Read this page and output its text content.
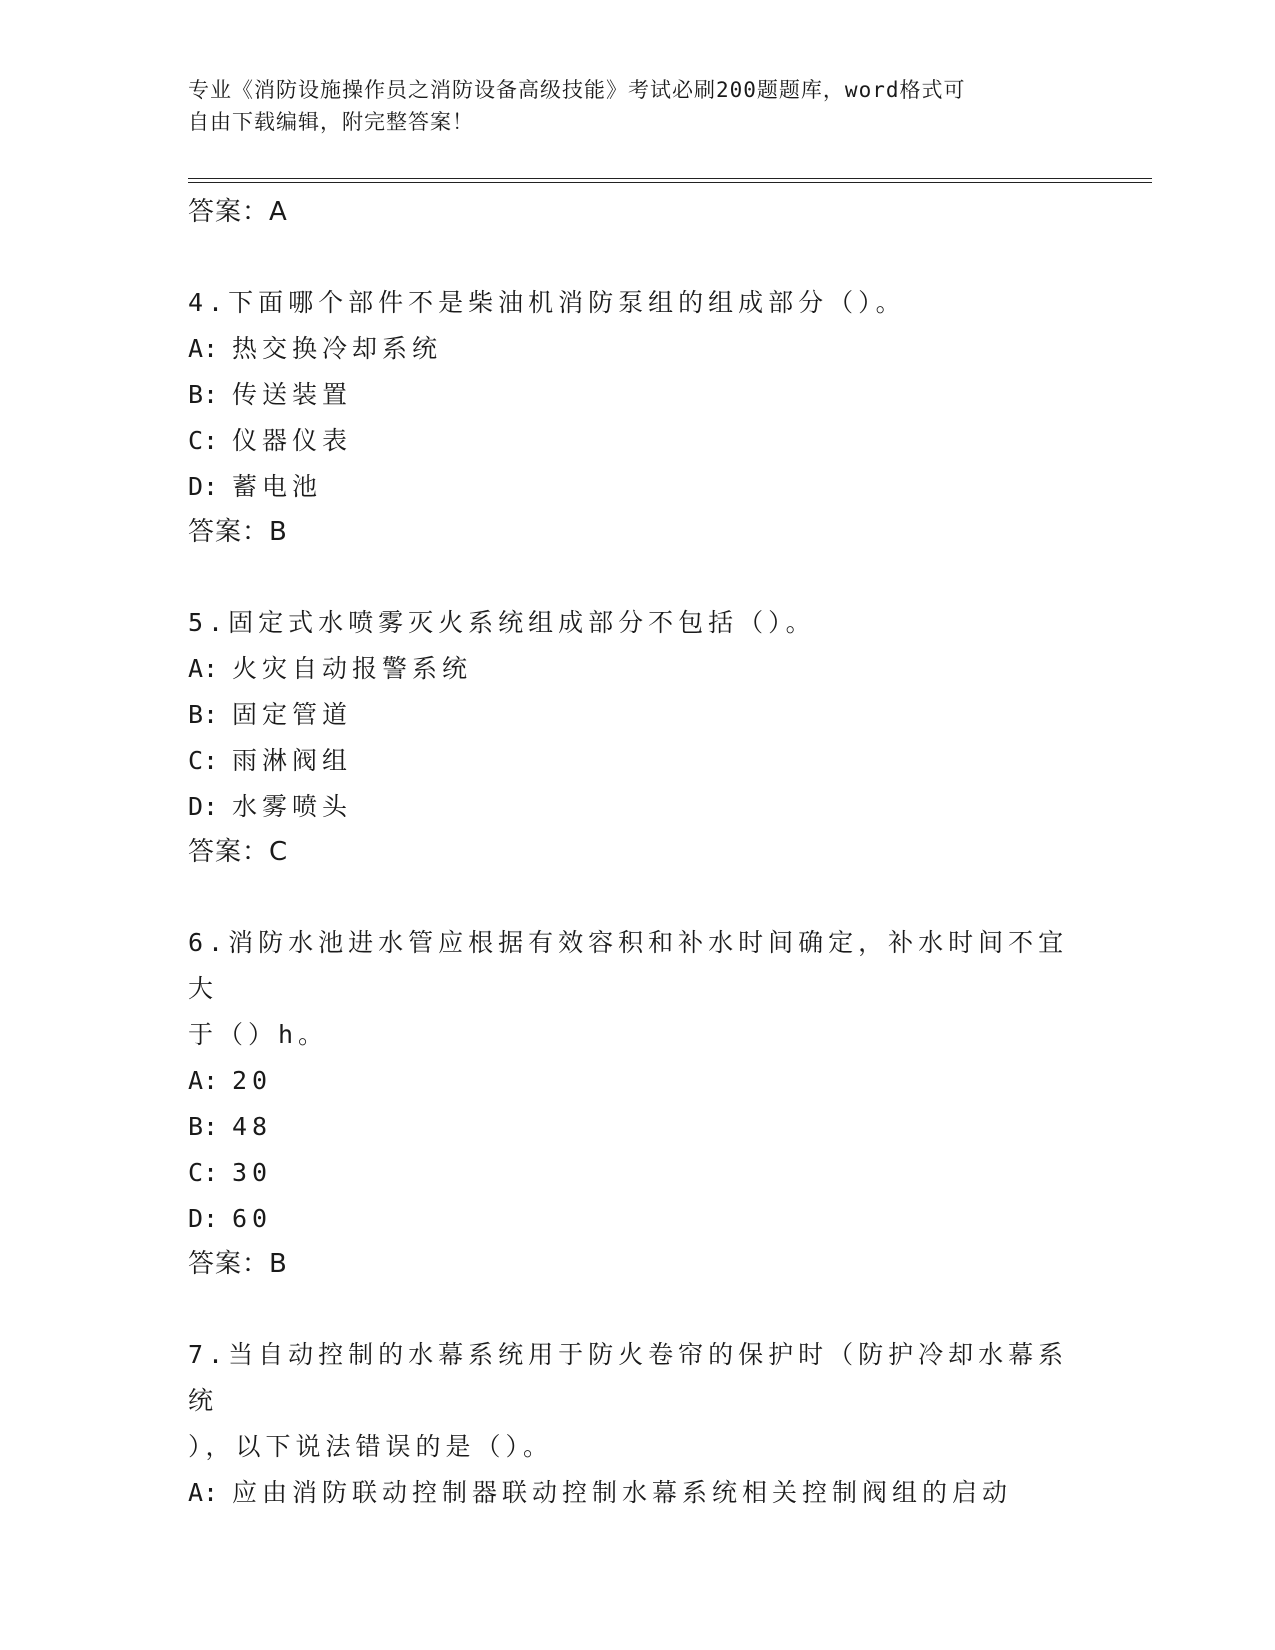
专业《消防设施操作员之消防设备高级技能》考试必刷200题题库，word格式可
自由下载编辑，附完整答案！
答案：A
4.下面哪个部件不是柴油机消防泵组的组成部分（）。
A: 热交换冷却系统
B: 传送装置
C: 仪器仪表
D: 蓄电池
答案：B
5.固定式水喷雾灭火系统组成部分不包括（）。
A: 火灾自动报警系统
B: 固定管道
C: 雨淋阀组
D: 水雾喷头
答案：C
6.消防水池进水管应根据有效容积和补水时间确定，补水时间不宜大
于（）h。
A: 20
B: 48
C: 30
D: 60
答案：B
7.当自动控制的水幕系统用于防火卷帘的保护时（防护冷却水幕系统
），以下说法错误的是（）。
A: 应由消防联动控制器联动控制水幕系统相关控制阀组的启动
